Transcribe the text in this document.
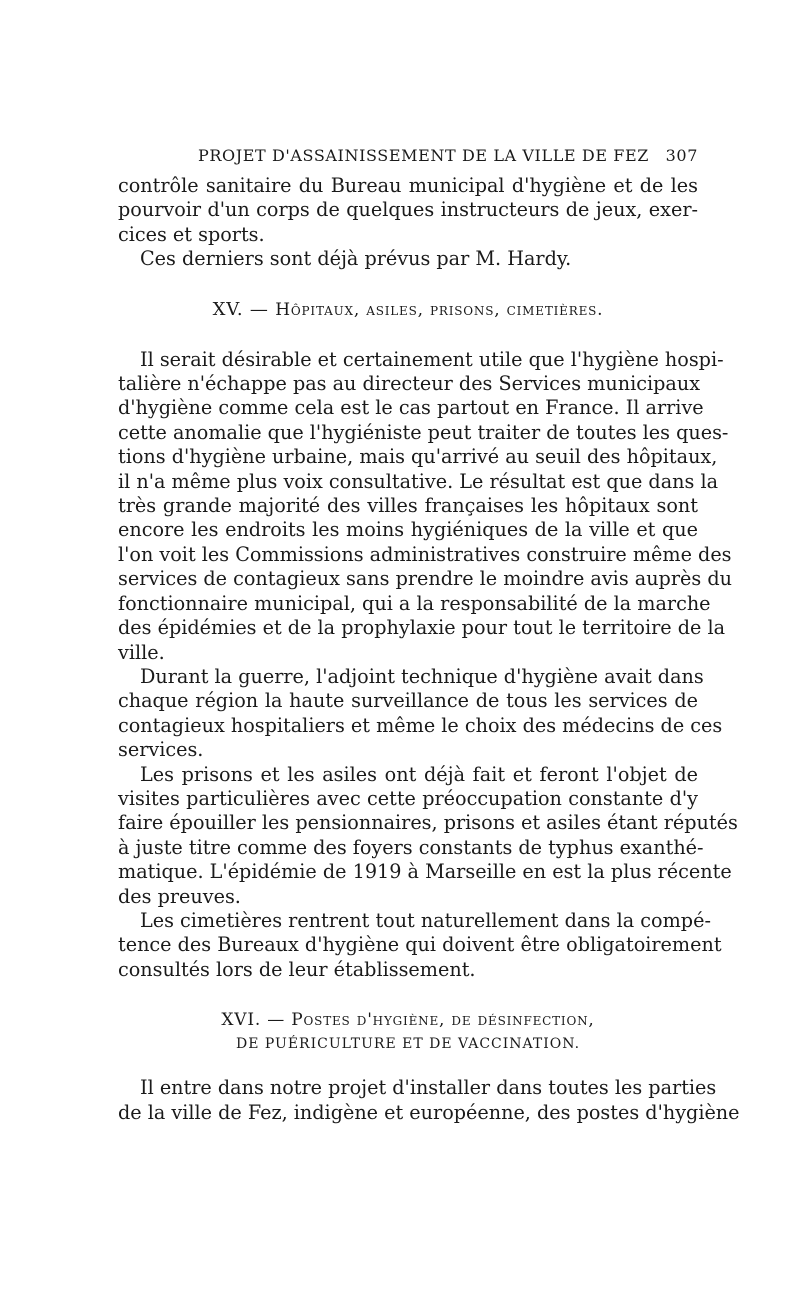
PROJET D'ASSAINISSEMENT DE LA VILLE DE FEZ 307

contrôle sanitaire du Bureau municipal d'hygiène et de les
pourvoir d'un corps de quelques instructeurs de jeux, exer-
cices et sports.

Ces derniers sont déjà prévus par M. Hardy.

XV. — Hôpitaux, asiles, prisons, cimetières.

Il serait désirable et certainement utile que l'hygiène hospi-
talière n'échappe pas au directeur des Services municipaux
d'hygiène comme cela est le cas partout en France. Il arrive
cette anomalie que l'hygiéniste peut traiter de toutes les ques-
tions d'hygiène urbaine, mais qu'arrivé au seuil des hôpitaux,
il n'a même plus voix consultative. Le résultat est que dans la
très grande majorité des villes françaises les hôpitaux sont
encore les endroits les moins hygiéniques de la ville et que
l'on voit les Commissions administratives construire même des
services de contagieux sans prendre le moindre avis auprès du
fonctionnaire municipal, qui a la responsabilité de la marche
des épidémies et de la prophylaxie pour tout le territoire de la
ville.

Durant la guerre, l'adjoint technique d'hygiène avait dans
chaque région la haute surveillance de tous les services de
contagieux hospitaliers et même le choix des médecins de ces
services.

Les prisons et les asiles ont déjà fait et feront l'objet de
visites particulières avec cette préoccupation constante d'y
faire épouiller les pensionnaires, prisons et asiles étant réputés
à juste titre comme des foyers constants de typhus exanthé-
matique. L'épidémie de 1919 à Marseille en est la plus récente
des preuves.

Les cimetières rentrent tout naturellement dans la compé-
tence des Bureaux d'hygiène qui doivent être obligatoirement
consultés lors de leur établissement.

XVI. — Postes d'hygiène, de désinfection,
DE PUÉRICULTURE ET DE VACCINATION.

Il entre dans notre projet d'installer dans toutes les parties
de la ville de Fez, indigène et européenne, des postes d'hygiène
